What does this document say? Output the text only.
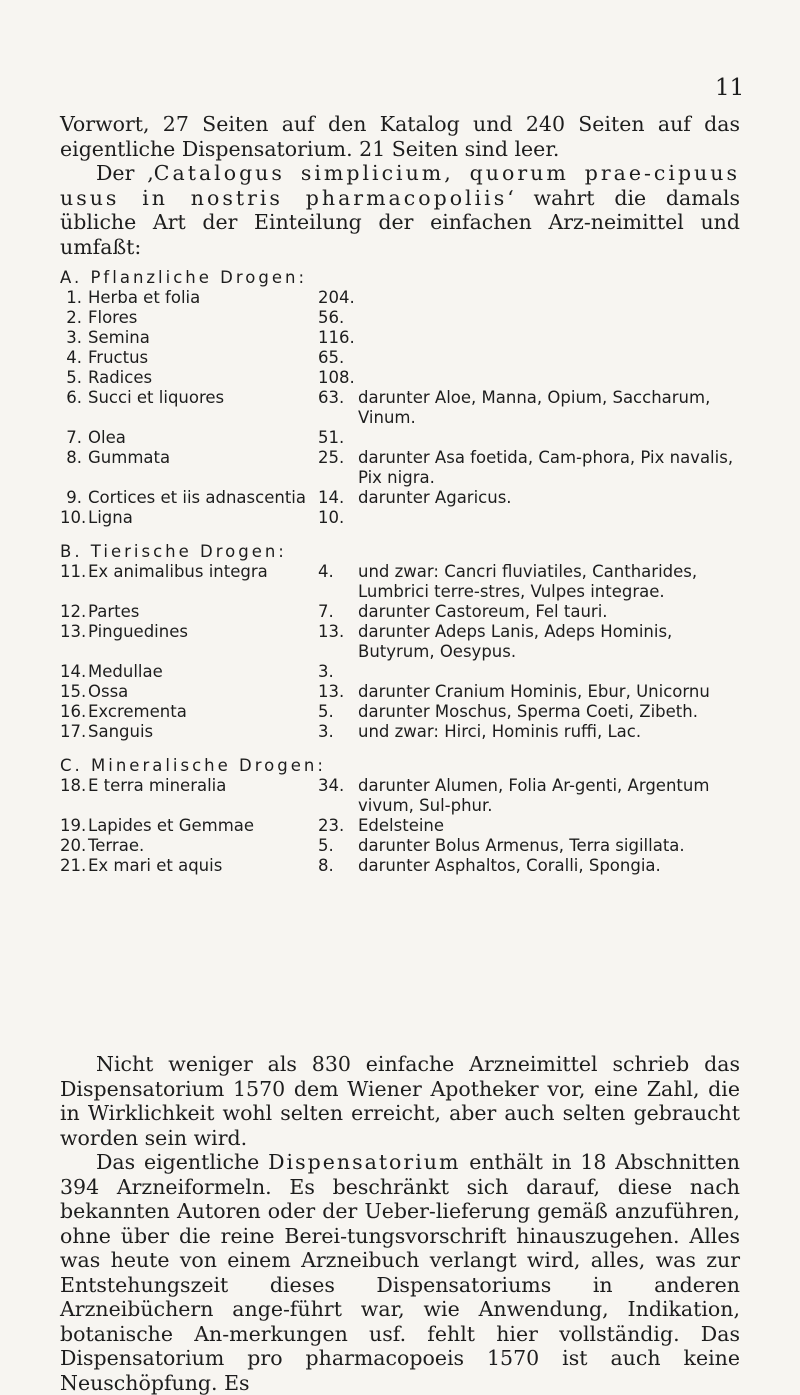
11

Vorwort, 27 Seiten auf den Katalog und 240 Seiten auf das eigentliche Dispensatorium. 21 Seiten sind leer.

Der ,Catalogus simplicium, quorum prae-cipuus usus in nostris pharmacopoliis‘ wahrt die damals übliche Art der Einteilung der einfachen Arz-neimittel und umfaßt:

A. Pflanzliche Drogen:
1. Herba et folia	204.
2. Flores	56.
3. Semina	116.
4. Fructus	65.
5. Radices	108.
6. Succi et liquores	63. darunter Aloe, Manna, Opium, Saccharum, Vinum.
7. Olea	51.
8. Gummata	25. darunter Asa foetida, Cam-phora, Pix navalis, Pix nigra.
9. Cortices et iis adnascentia 14. darunter Agaricus.
10. Ligna	10.
B. Tierische Drogen:
11. Ex animalibus integra	4.	und zwar: Cancri fluviatiles, Cantharides, Lumbrici terre-stres, Vulpes integrae.
12. Partes	7.	darunter Castoreum, Fel tauri.
13. Pinguedines	13. darunter Adeps Lanis, Adeps Hominis, Butyrum, Oesypus.
14. Medullae	3.
15. Ossa	13. darunter Cranium Hominis, Ebur, Unicornu
16. Excrementa	5.	darunter Moschus, Sperma Coeti, Zibeth.
17. Sanguis	3.	und zwar: Hirci, Hominis ruffi, Lac.
C. Mineralische Drogen:
18. E terra mineralia	34. darunter Alumen, Folia Ar-genti, Argentum vivum, Sul-phur.
19. Lapides et Gemmae	23. Edelsteine
20. Terrae.	5.	darunter Bolus Armenus, Terra sigillata.
21. Ex mari et aquis	8.	darunter Asphaltos, Coralli, Spongia.

Nicht weniger als 830 einfache Arzneimittel schrieb das Dispensatorium 1570 dem Wiener Apotheker vor, eine Zahl, die in Wirklichkeit wohl selten erreicht, aber auch selten gebraucht worden sein wird.

Das eigentliche Dispensatorium enthält in 18 Abschnitten 394 Arzneiformeln. Es beschränkt sich darauf, diese nach bekannten Autoren oder der Ueber-lieferung gemäß anzuführen, ohne über die reine Berei-tungsvorschrift hinauszugehen. Alles was heute von einem Arzneibuch verlangt wird, alles, was zur Entstehungszeit dieses Dispensatoriums in anderen Arzneibüchern ange-führt war, wie Anwendung, Indikation, botanische An-merkungen usf. fehlt hier vollständig. Das Dispensatorium pro pharmacopoeis 1570 ist auch keine Neuschöpfung. Es
